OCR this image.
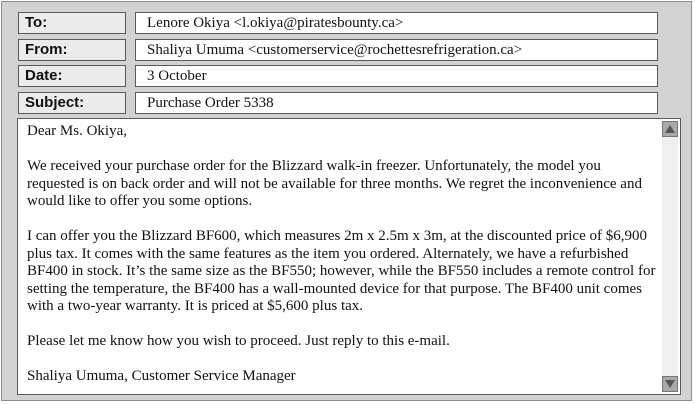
To:	Lenore Okiya <l.okiya@piratesbounty.ca>
From:	Shaliya Umuma <customerservice@rochettesrefrigeration.ca>
Date:	3 October
Subject:	Purchase Order 5338

Dear Ms. Okiya,

We received your purchase order for the Blizzard walk-in freezer. Unfortunately, the model you requested is on back order and will not be available for three months. We regret the inconvenience and would like to offer you some options.

I can offer you the Blizzard BF600, which measures 2m x 2.5m x 3m, at the discounted price of $6,900 plus tax. It comes with the same features as the item you ordered. Alternately, we have a refurbished BF400 in stock. It’s the same size as the BF550; however, while the BF550 includes a remote control for setting the temperature, the BF400 has a wall-mounted device for that purpose. The BF400 unit comes with a two-year warranty. It is priced at $5,600 plus tax.

Please let me know how you wish to proceed. Just reply to this e-mail.

Shaliya Umuma, Customer Service Manager
